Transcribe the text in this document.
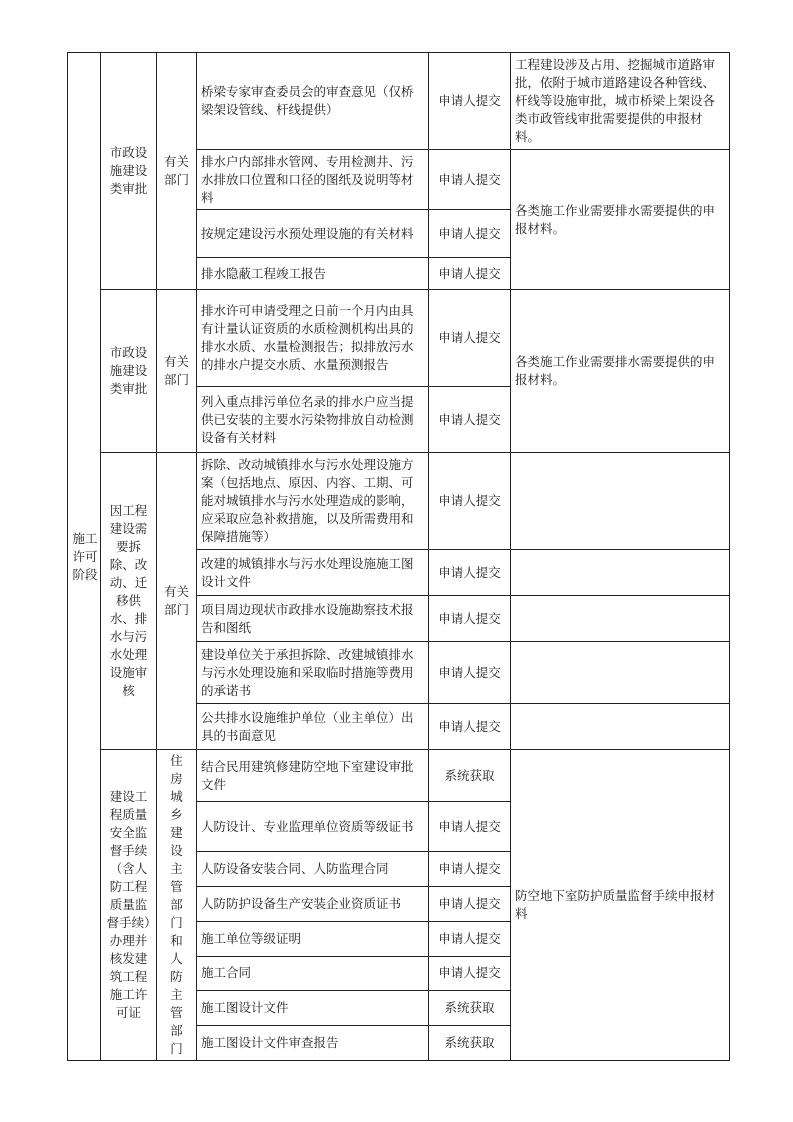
施工许可阶段	市政设施建设类审批	有关部门	桥梁专家审查委员会的审查意见（仅桥梁架设管线、杆线提供）	申请人提交	工程建设涉及占用、挖掘城市道路审批，依附于城市道路建设各种管线、杆线等设施审批，城市桥梁上架设各类市政管线审批需要提供的申报材料。
			排水户内部排水管网、专用检测井、污水排放口位置和口径的图纸及说明等材料	申请人提交	各类施工作业需要排水需要提供的申报材料。
			按规定建设污水预处理设施的有关材料	申请人提交	
			排水隐蔽工程竣工报告	申请人提交	
	市政设施建设类审批	有关部门	排水许可申请受理之日前一个月内由具有计量认证资质的水质检测机构出具的排水水质、水量检测报告；拟排放污水的排水户提交水质、水量预测报告	申请人提交	各类施工作业需要排水需要提供的申报材料。
			列入重点排污单位名录的排水户应当提供已安装的主要水污染物排放自动检测设备有关材料	申请人提交	
	因工程建设需要拆除、改动、迁移供水、排水与污水处理设施审核	有关部门	拆除、改动城镇排水与污水处理设施方案（包括地点、原因、内容、工期、可能对城镇排水与污水处理造成的影响，应采取应急补救措施，以及所需费用和保障措施等）	申请人提交	
			改建的城镇排水与污水处理设施施工图设计文件	申请人提交	
			项目周边现状市政排水设施勘察技术报告和图纸	申请人提交	
			建设单位关于承担拆除、改建城镇排水与污水处理设施和采取临时措施等费用的承诺书	申请人提交	
			公共排水设施维护单位（业主单位）出具的书面意见	申请人提交	
	建设工程质量安全监督手续（含人防工程质量监督手续）办理并核发建筑工程施工许可证	住房城乡建设主管部门和人防主管部门	结合民用建筑修建防空地下室建设审批文件	系统获取	防空地下室防护质量监督手续申报材料
			人防设计、专业监理单位资质等级证书	申请人提交	
			人防设备安装合同、人防监理合同	申请人提交	
			人防防护设备生产安装企业资质证书	申请人提交	
			施工单位等级证明	申请人提交	
			施工合同	申请人提交	
			施工图设计文件	系统获取	
			施工图设计文件审查报告	系统获取	
